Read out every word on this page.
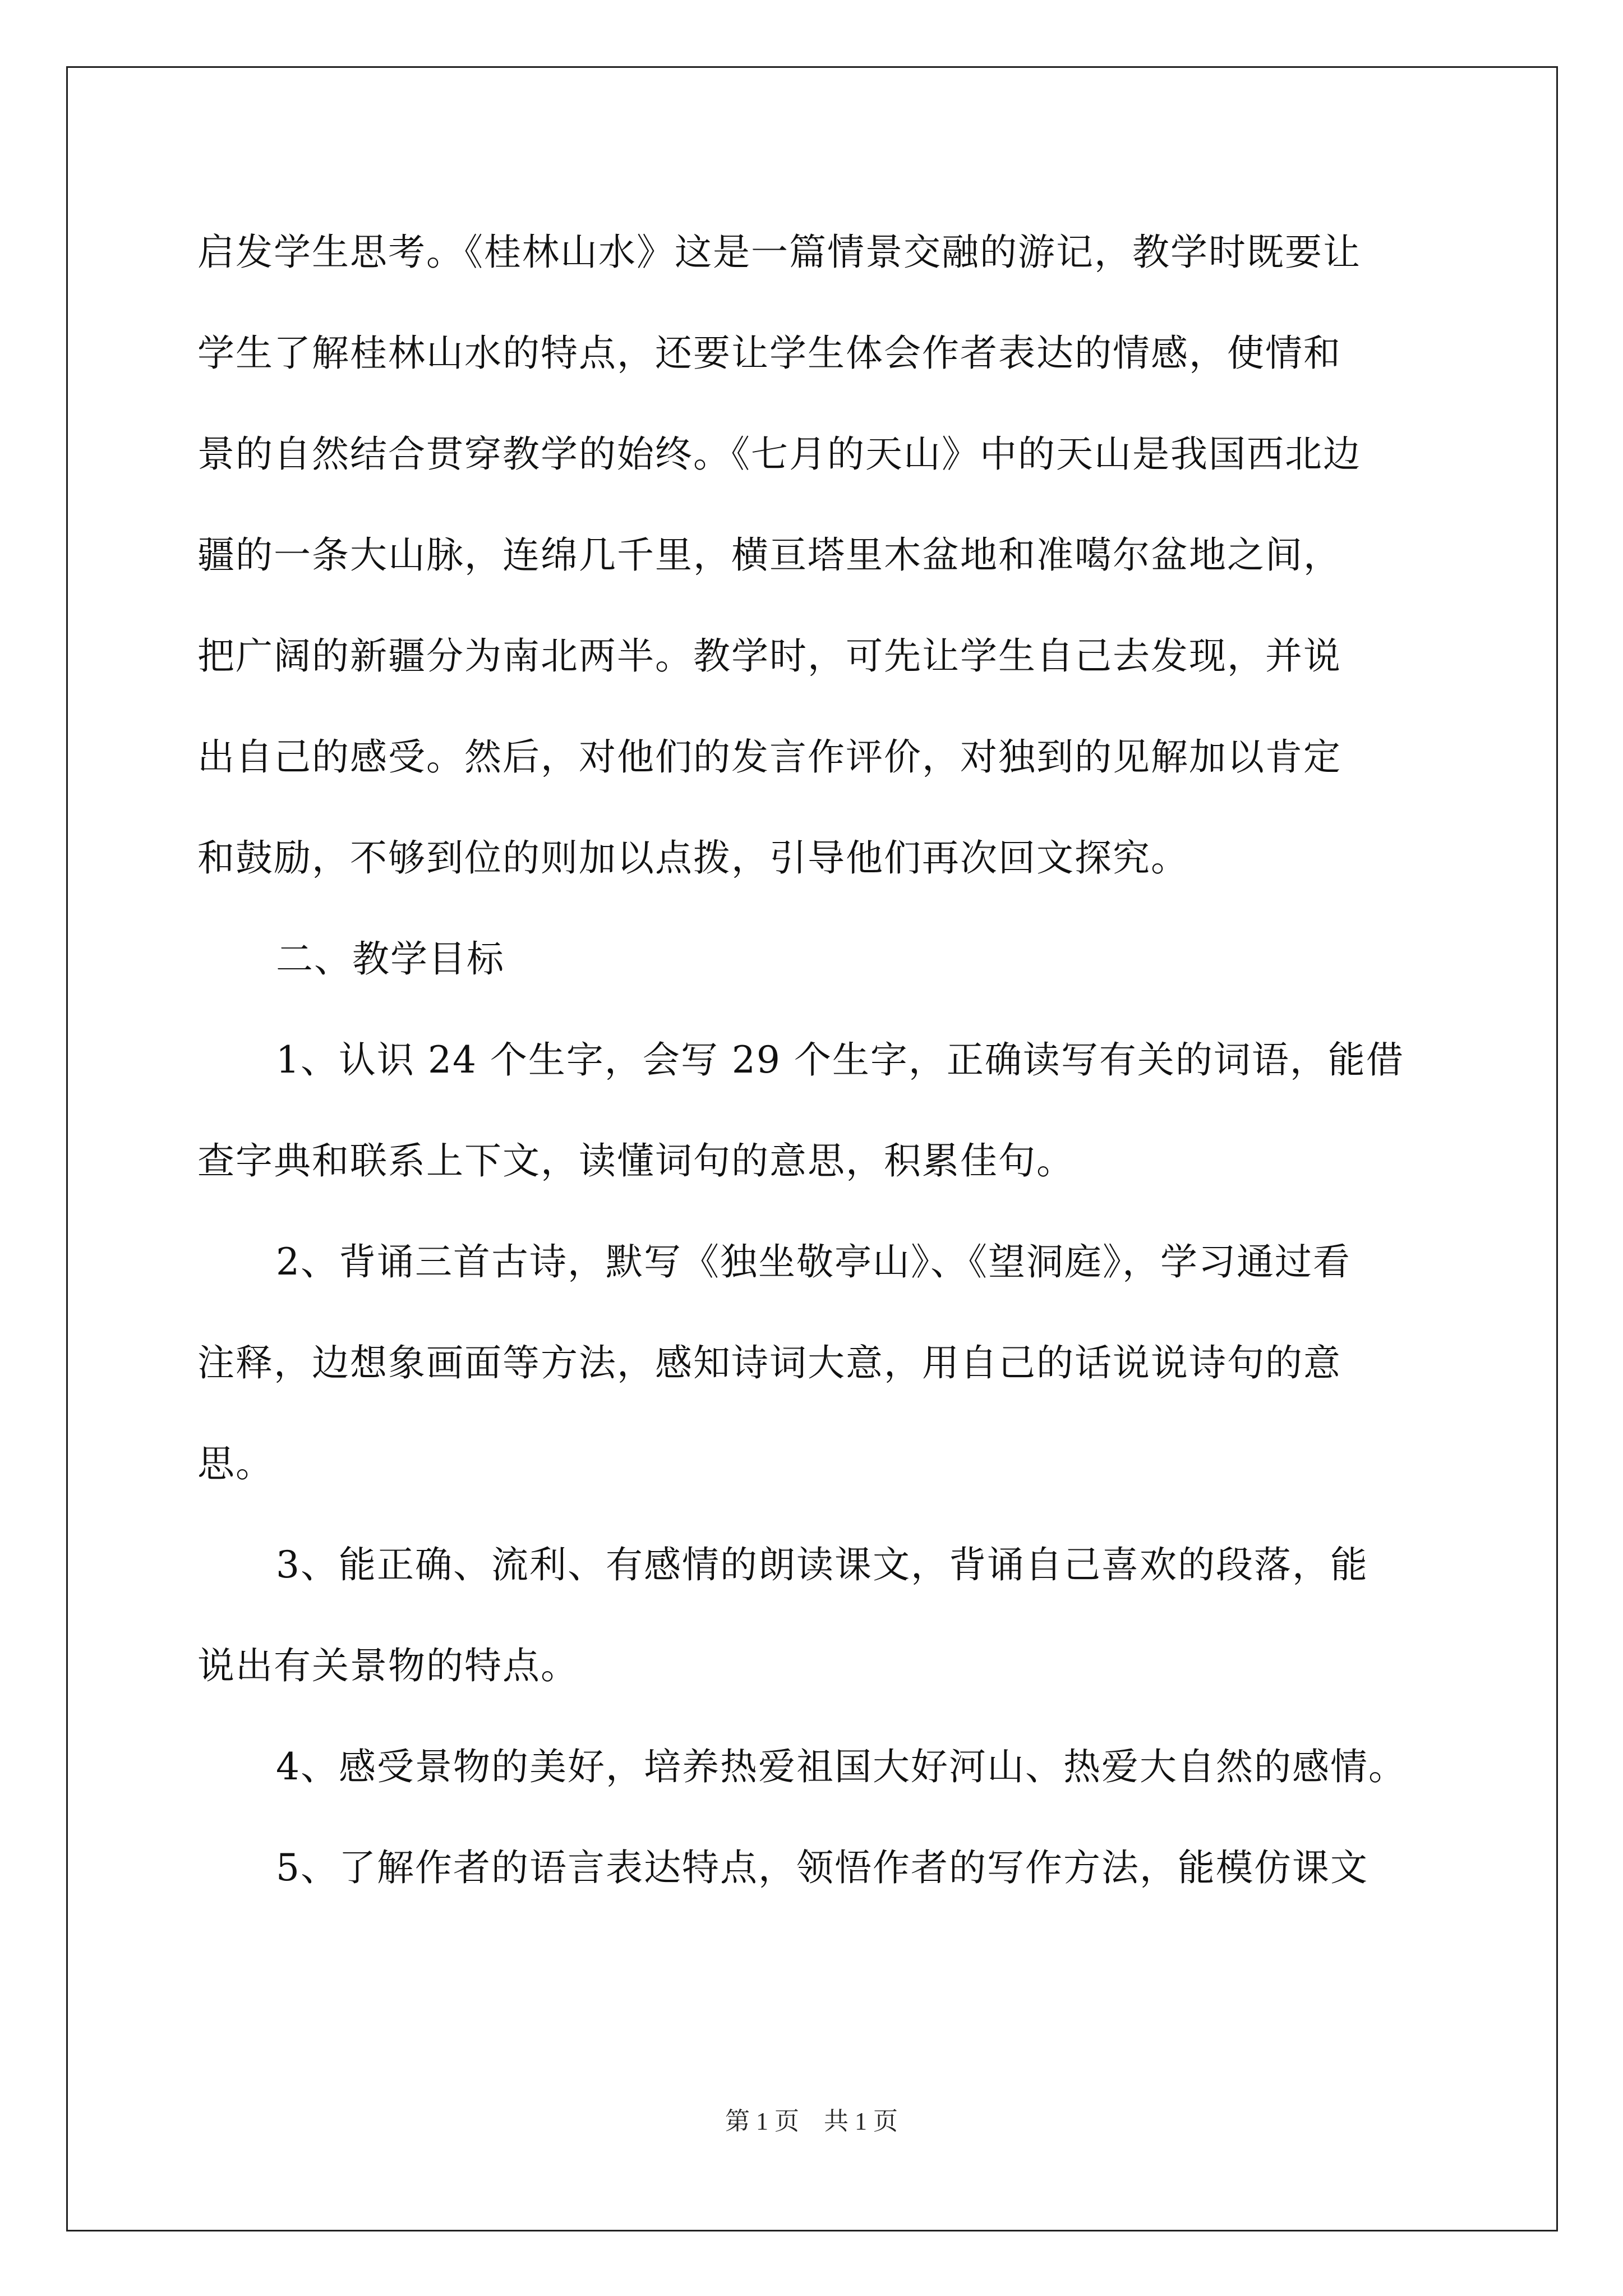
启发学生思考。《桂林山水》这是一篇情景交融的游记，教学时既要让
学生了解桂林山水的特点，还要让学生体会作者表达的情感，使情和
景的自然结合贯穿教学的始终。《七月的天山》中的天山是我国西北边
疆的一条大山脉，连绵几千里，横亘塔里木盆地和准噶尔盆地之间，
把广阔的新疆分为南北两半。教学时，可先让学生自己去发现，并说
出自己的感受。然后，对他们的发言作评价，对独到的见解加以肯定
和鼓励，不够到位的则加以点拨，引导他们再次回文探究。
二、教学目标
1、认识 24 个生字，会写 29 个生字，正确读写有关的词语，能借
查字典和联系上下文，读懂词句的意思，积累佳句。
2、背诵三首古诗，默写《独坐敬亭山》、《望洞庭》，学习通过看
注释，边想象画面等方法，感知诗词大意，用自己的话说说诗句的意
思。
3、能正确、流利、有感情的朗读课文，背诵自己喜欢的段落，能
说出有关景物的特点。
4、感受景物的美好，培养热爱祖国大好河山、热爱大自然的感情。
5、了解作者的语言表达特点，领悟作者的写作方法，能模仿课文
第 1 页　共 1 页
